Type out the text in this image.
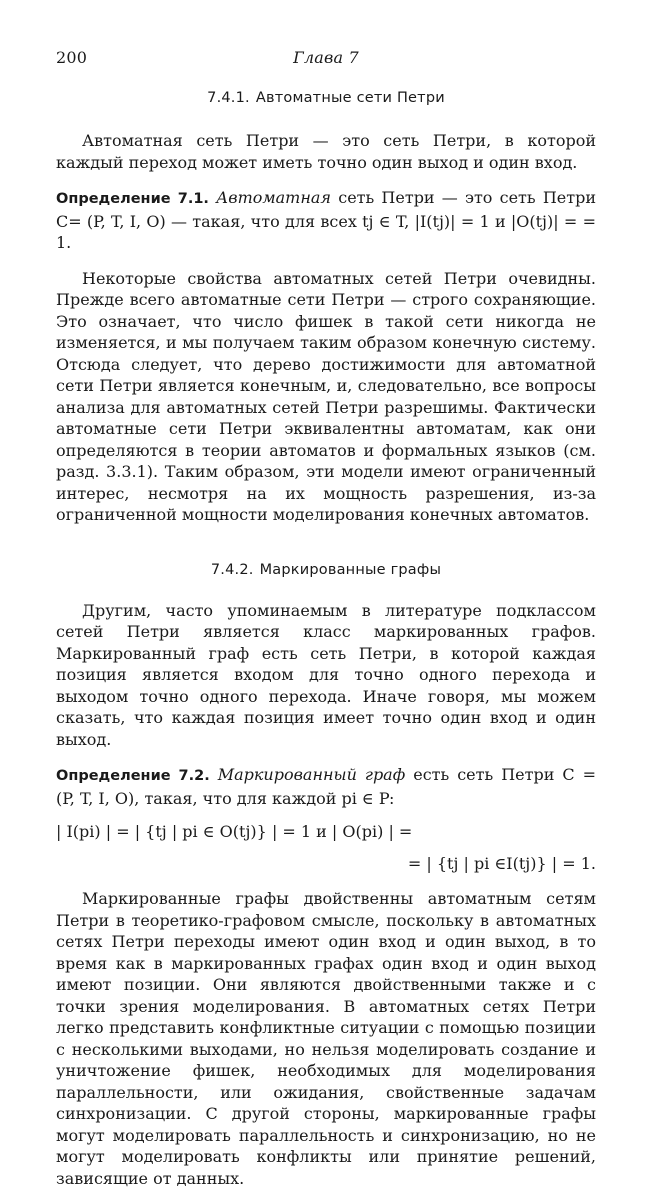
200	Глава 7
7.4.1. Автоматные сети Петри

Автоматная сеть Петри — это сеть Петри, в которой каждый переход может иметь точно один выход и один вход.

Определение 7.1. Автоматная сеть Петри — это сеть Петри C= (P, T, I, O) — такая, что для всех tj ∈ T, |I(tj)| = 1 и |O(tj)| = = 1.

Некоторые свойства автоматных сетей Петри очевидны. Прежде всего автоматные сети Петри — строго сохраняющие. Это означает, что число фишек в такой сети никогда не изменяется, и мы получаем таким образом конечную систему. Отсюда следует, что дерево достижимости для автоматной сети Петри является конечным, и, следовательно, все вопросы анализа для автоматных сетей Петри разрешимы. Фактически автоматные сети Петри эквивалентны автоматам, как они определяются в теории автоматов и формальных языков (см. разд. 3.3.1). Таким образом, эти модели имеют ограниченный интерес, несмотря на их мощность разрешения, из-за ограниченной мощности моделирования конечных автоматов.

7.4.2. Маркированные графы

Другим, часто упоминаемым в литературе подклассом сетей Петри является класс маркированных графов. Маркированный граф есть сеть Петри, в которой каждая позиция является входом для точно одного перехода и выходом точно одного перехода. Иначе говоря, мы можем сказать, что каждая позиция имеет точно один вход и один выход.

Определение 7.2. Маркированный граф есть сеть Петри C = (P, T, I, O), такая, что для каждой pi ∈ P:

| I(pi) | = | {tj | pi ∈ O(tj)} | = 1 и | O(pi) | =
= | {tj | pi ∈I(tj)} | = 1.

Маркированные графы двойственны автоматным сетям Петри в теоретико-графовом смысле, поскольку в автоматных сетях Петри переходы имеют один вход и один выход, в то время как в маркированных графах один вход и один выход имеют позиции. Они являются двойственными также и с точки зрения моделирования. В автоматных сетях Петри легко представить конфликтные ситуации с помощью позиции с несколькими выходами, но нельзя моделировать создание и уничтожение фишек, необходимых для моделирования параллельности, или ожидания, свойственные задачам синхронизации. С другой стороны, маркированные графы могут моделировать параллельность и синхронизацию, но не могут моделировать конфликты или принятие решений, зависящие от данных.
